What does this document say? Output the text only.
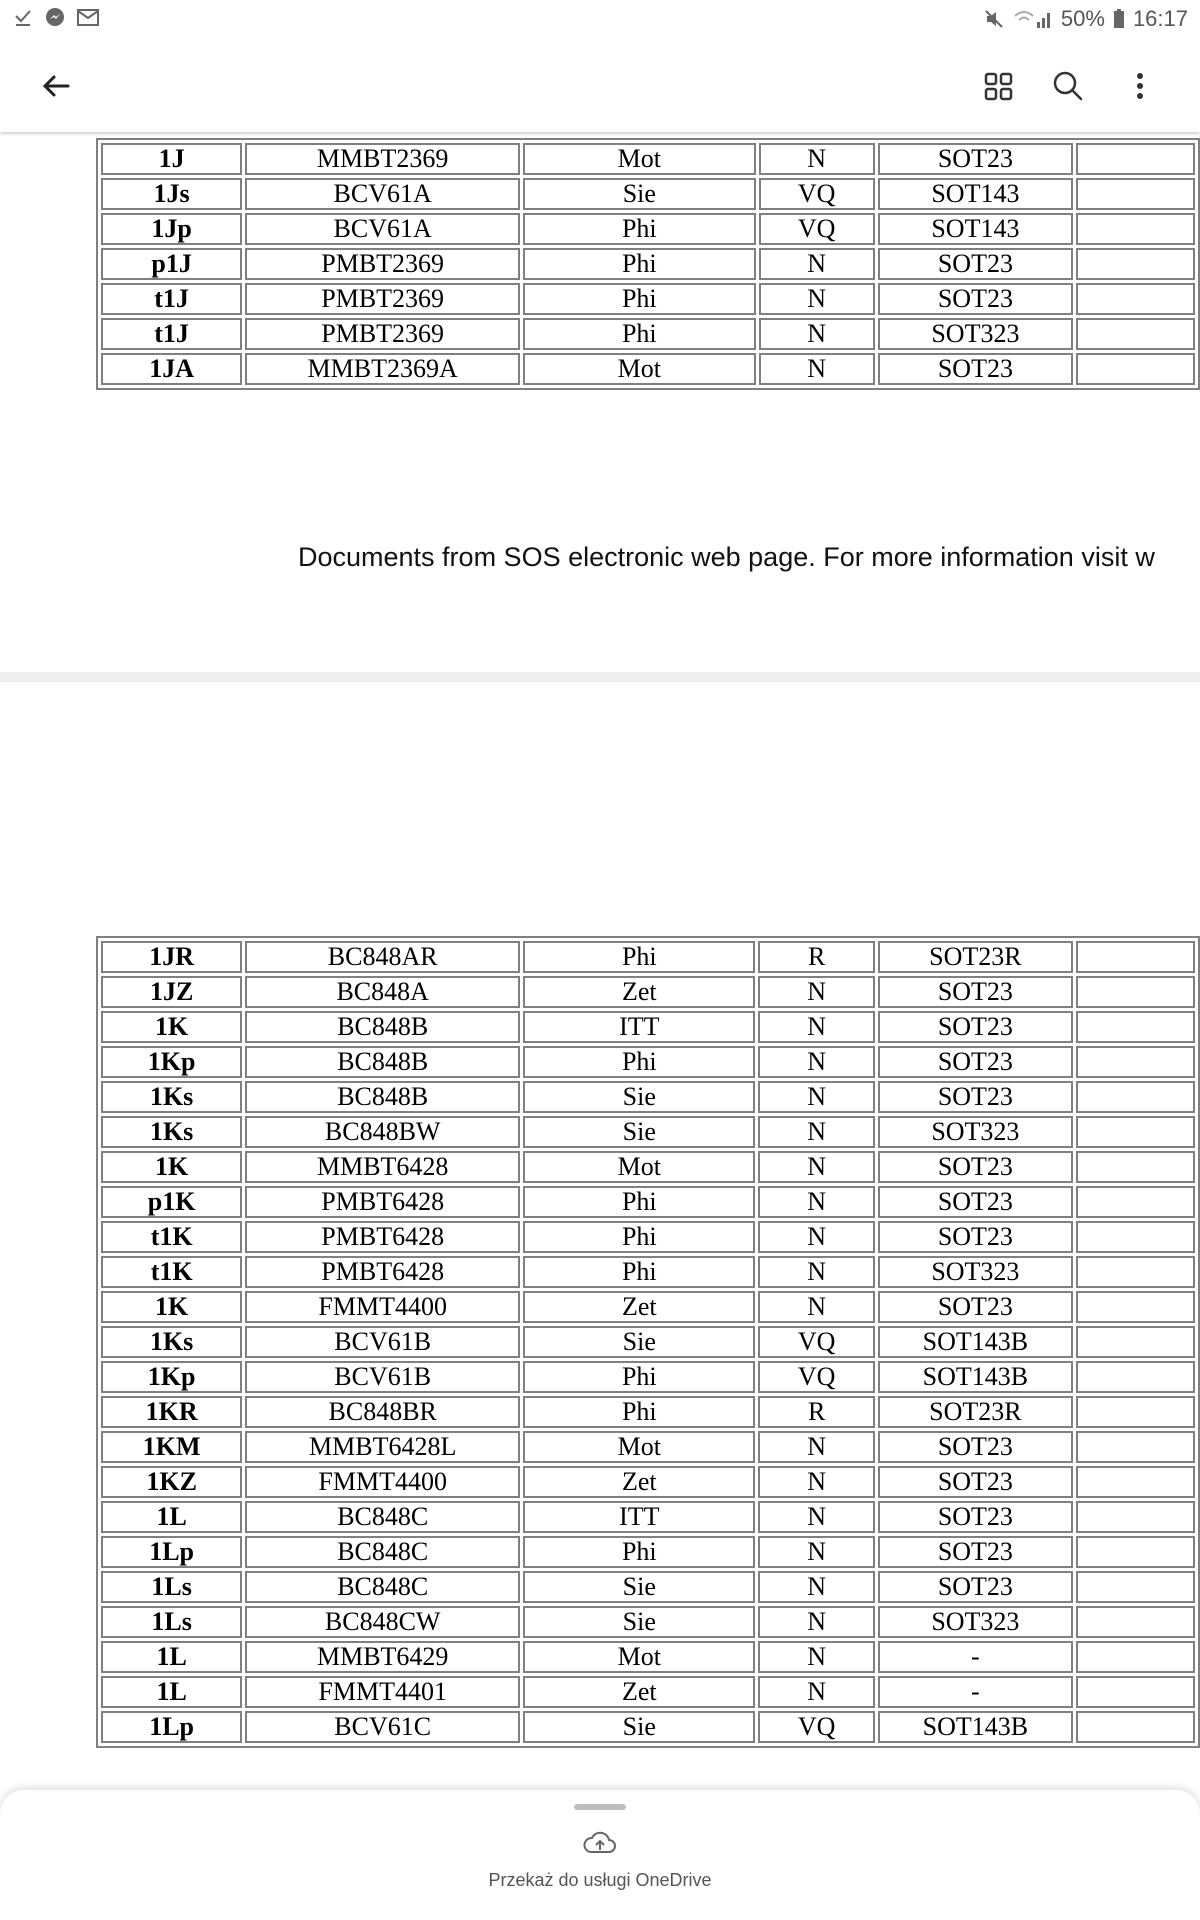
50% 16:17
1J	MMBT2369	Mot	N	SOT23	
1Js	BCV61A	Sie	VQ	SOT143	
1Jp	BCV61A	Phi	VQ	SOT143	
p1J	PMBT2369	Phi	N	SOT23	
t1J	PMBT2369	Phi	N	SOT23	
t1J	PMBT2369	Phi	N	SOT323	
1JA	MMBT2369A	Mot	N	SOT23	
Documents from SOS electronic web page. For more information visit w
1JR	BC848AR	Phi	R	SOT23R	
1JZ	BC848A	Zet	N	SOT23	
1K	BC848B	ITT	N	SOT23	
1Kp	BC848B	Phi	N	SOT23	
1Ks	BC848B	Sie	N	SOT23	
1Ks	BC848BW	Sie	N	SOT323	
1K	MMBT6428	Mot	N	SOT23	
p1K	PMBT6428	Phi	N	SOT23	
t1K	PMBT6428	Phi	N	SOT23	
t1K	PMBT6428	Phi	N	SOT323	
1K	FMMT4400	Zet	N	SOT23	
1Ks	BCV61B	Sie	VQ	SOT143B	
1Kp	BCV61B	Phi	VQ	SOT143B	
1KR	BC848BR	Phi	R	SOT23R	
1KM	MMBT6428L	Mot	N	SOT23	
1KZ	FMMT4400	Zet	N	SOT23	
1L	BC848C	ITT	N	SOT23	
1Lp	BC848C	Phi	N	SOT23	
1Ls	BC848C	Sie	N	SOT23	
1Ls	BC848CW	Sie	N	SOT323	
1L	MMBT6429	Mot	N	-	
1L	FMMT4401	Zet	N	-	
1Lp	BCV61C	Sie	VQ	SOT143B	
Przekaż do usługi OneDrive
